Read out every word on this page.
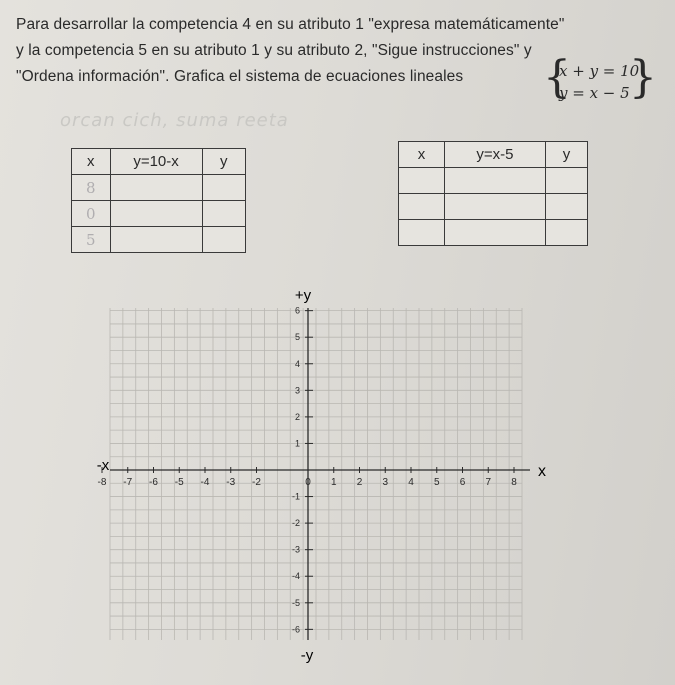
Para desarrollar la competencia 4 en su atributo 1 "expresa matemáticamente"
y la competencia 5 en su atributo 1 y su atributo 2, "Sigue instrucciones" y
"Ordena información". Grafica el sistema de ecuaciones lineales	{
x + y = 10
y = x − 5 }
orcan cich, suma reeta
x	y=10-x	y
8		
0		
5		
x	y=x-5	y

-8 -7 -6 -5 -4 -3 -2	0 1 2 3 4 5 6 7 8
6
5
4
3
2
1
-1
-2
-3
-4
-5
-6
+y
-y
x
-x
